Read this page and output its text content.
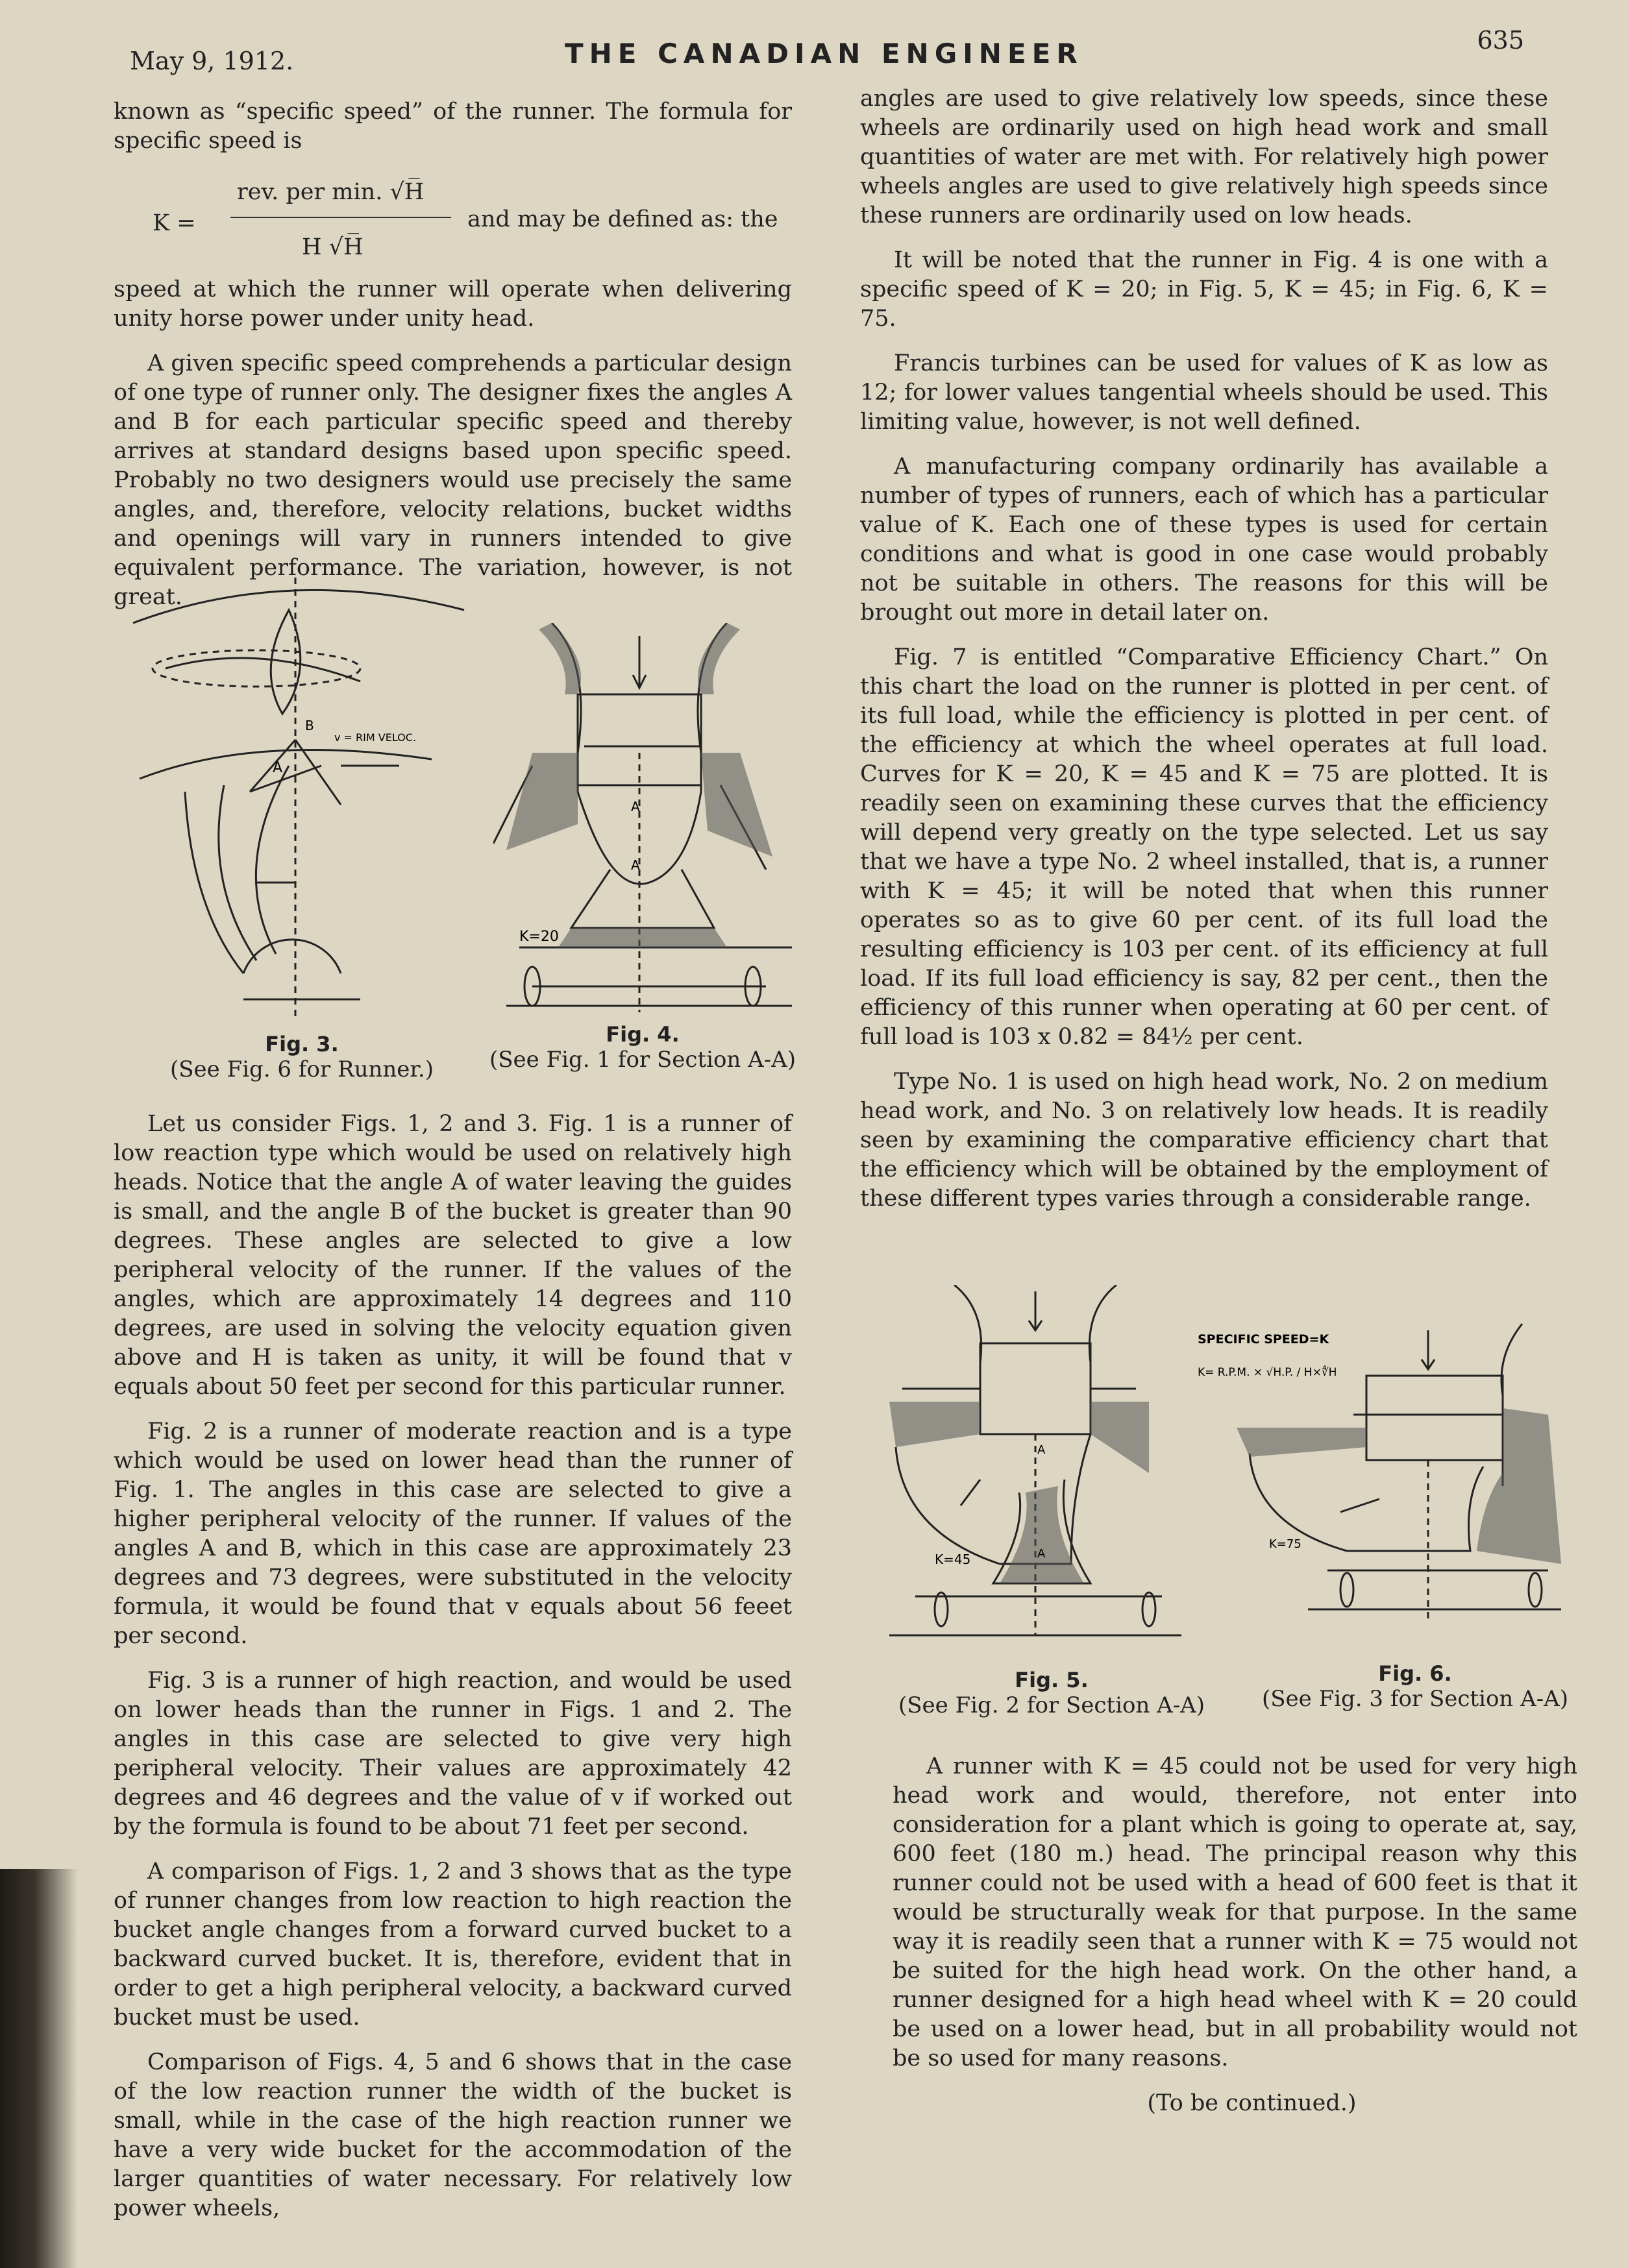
May 9, 1912.	THE CANADIAN ENGINEER	635

known as “specific speed” of the runner. The formula for specific speed is

K =
rev. per min. √H̅
H √H̅
and may be defined as: the

speed at which the runner will operate when delivering unity horse power under unity head.

A given specific speed comprehends a particular design of one type of runner only. The designer fixes the angles A and B for each particular specific speed and thereby arrives at standard designs based upon specific speed. Probably no two designers would use precisely the same angles, and, therefore, velocity relations, bucket widths and openings will vary in runners intended to give equivalent performance. The variation, however, is not great.

v = RIM VELOC.
B
A
Fig. 3.
(See Fig. 6 for Runner.)
K=20
A
A
Fig. 4.
(See Fig. 1 for Section A-A)

Let us consider Figs. 1, 2 and 3. Fig. 1 is a runner of low reaction type which would be used on relatively high heads. Notice that the angle A of water leaving the guides is small, and the angle B of the bucket is greater than 90 degrees. These angles are selected to give a low peripheral velocity of the runner. If the values of the angles, which are approximately 14 degrees and 110 degrees, are used in solving the velocity equation given above and H is taken as unity, it will be found that v equals about 50 feet per second for this particular runner.

Fig. 2 is a runner of moderate reaction and is a type which would be used on lower head than the runner of Fig. 1. The angles in this case are selected to give a higher peripheral velocity of the runner. If values of the angles A and B, which in this case are approximately 23 degrees and 73 degrees, were substituted in the velocity formula, it would be found that v equals about 56 feeet per second.

Fig. 3 is a runner of high reaction, and would be used on lower heads than the runner in Figs. 1 and 2. The angles in this case are selected to give very high peripheral velocity. Their values are approximately 42 degrees and 46 degrees and the value of v if worked out by the formula is found to be about 71 feet per second.

A comparison of Figs. 1, 2 and 3 shows that as the type of runner changes from low reaction to high reaction the bucket angle changes from a forward curved bucket to a backward curved bucket. It is, therefore, evident that in order to get a high peripheral velocity, a backward curved bucket must be used.

Comparison of Figs. 4, 5 and 6 shows that in the case of the low reaction runner the width of the bucket is small, while in the case of the high reaction runner we have a very wide bucket for the accommodation of the larger quantities of water necessary. For relatively low power wheels,

angles are used to give relatively low speeds, since these wheels are ordinarily used on high head work and small quantities of water are met with. For relatively high power wheels angles are used to give relatively high speeds since these runners are ordinarily used on low heads.

It will be noted that the runner in Fig. 4 is one with a specific speed of K = 20; in Fig. 5, K = 45; in Fig. 6, K = 75.

Francis turbines can be used for values of K as low as 12; for lower values tangential wheels should be used. This limiting value, however, is not well defined.

A manufacturing company ordinarily has available a number of types of runners, each of which has a particular value of K. Each one of these types is used for certain conditions and what is good in one case would probably not be suitable in others. The reasons for this will be brought out more in detail later on.

Fig. 7 is entitled “Comparative Efficiency Chart.” On this chart the load on the runner is plotted in per cent. of its full load, while the efficiency is plotted in per cent. of the efficiency at which the wheel operates at full load. Curves for K = 20, K = 45 and K = 75 are plotted. It is readily seen on examining these curves that the efficiency will depend very greatly on the type selected. Let us say that we have a type No. 2 wheel installed, that is, a runner with K = 45; it will be noted that when this runner operates so as to give 60 per cent. of its full load the resulting efficiency is 103 per cent. of its efficiency at full load. If its full load efficiency is say, 82 per cent., then the efficiency of this runner when operating at 60 per cent. of full load is 103 x 0.82 = 84½ per cent.

Type No. 1 is used on high head work, No. 2 on medium head work, and No. 3 on relatively low heads. It is readily seen by examining the comparative efficiency chart that the efficiency which will be obtained by the employment of these different types varies through a considerable range.

K=45
A
A
Fig. 5.
(See Fig. 2 for Section A-A)
SPECIFIC SPEED=K
K= R.P.M. × √H.P. / H×∜H
K=75
Fig. 6.
(See Fig. 3 for Section A-A)

A runner with K = 45 could not be used for very high head work and would, therefore, not enter into consideration for a plant which is going to operate at, say, 600 feet (180 m.) head. The principal reason why this runner could not be used with a head of 600 feet is that it would be structurally weak for that purpose. In the same way it is readily seen that a runner with K = 75 would not be suited for the high head work. On the other hand, a runner designed for a high head wheel with K = 20 could be used on a lower head, but in all probability would not be so used for many reasons.

(To be continued.)
